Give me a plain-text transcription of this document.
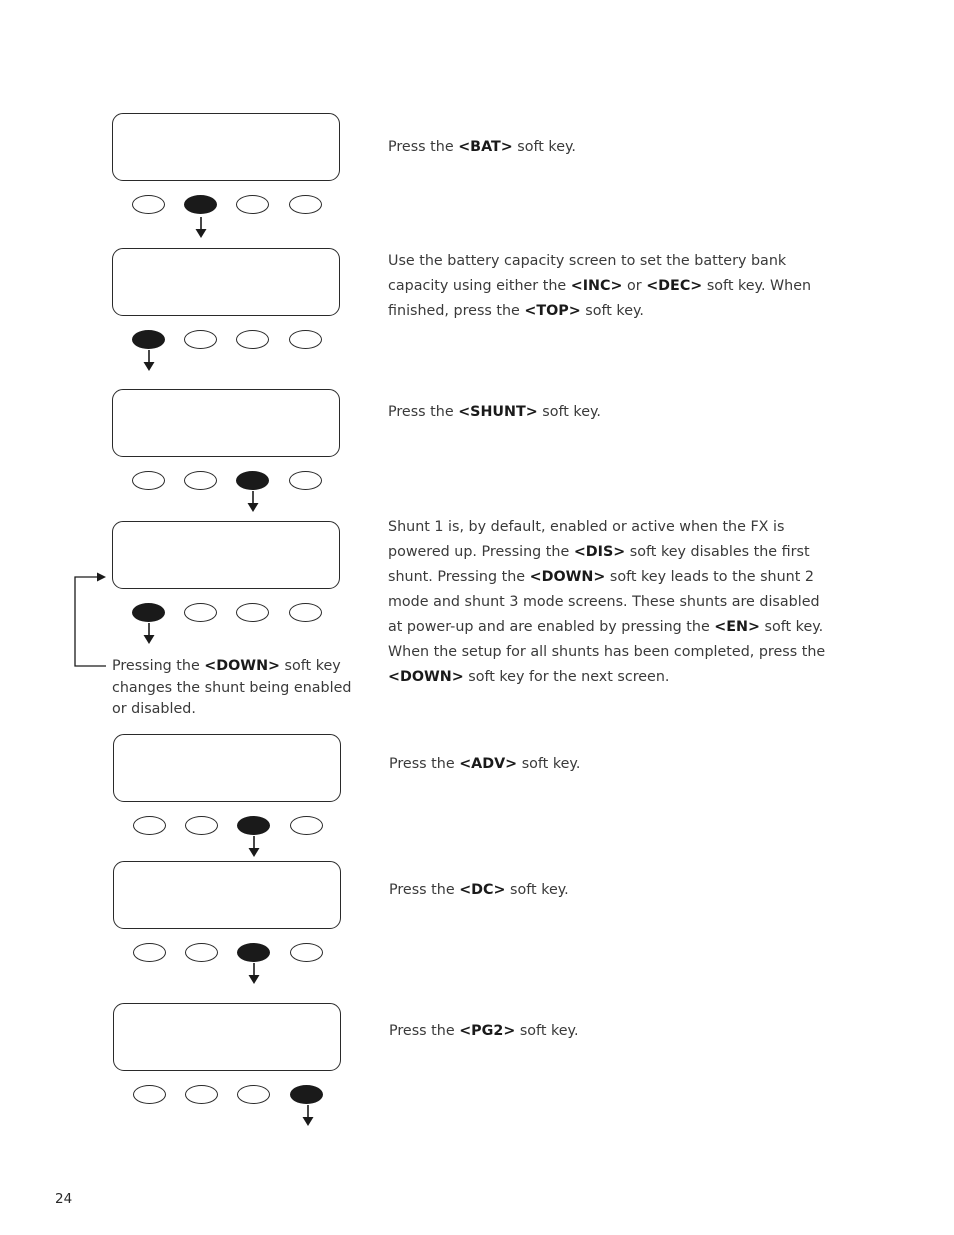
Press the <BAT> soft key.
Use the battery capacity screen to set the battery bank
capacity using either the <INC> or <DEC> soft key. When
finished, press the <TOP> soft key.
Press the <SHUNT> soft key.
Shunt 1 is, by default, enabled or active when the FX is
powered up. Pressing the <DIS> soft key disables the first
shunt. Pressing the <DOWN> soft key leads to the shunt 2
mode and shunt 3 mode screens. These shunts are disabled
at power-up and are enabled by pressing the <EN> soft key.
When the setup for all shunts has been completed, press the
<DOWN> soft key for the next screen.
Press the <ADV> soft key.
Press the <DC> soft key.
Press the <PG2> soft key.
Pressing the <DOWN> soft key
changes the shunt being enabled
or disabled.
24
